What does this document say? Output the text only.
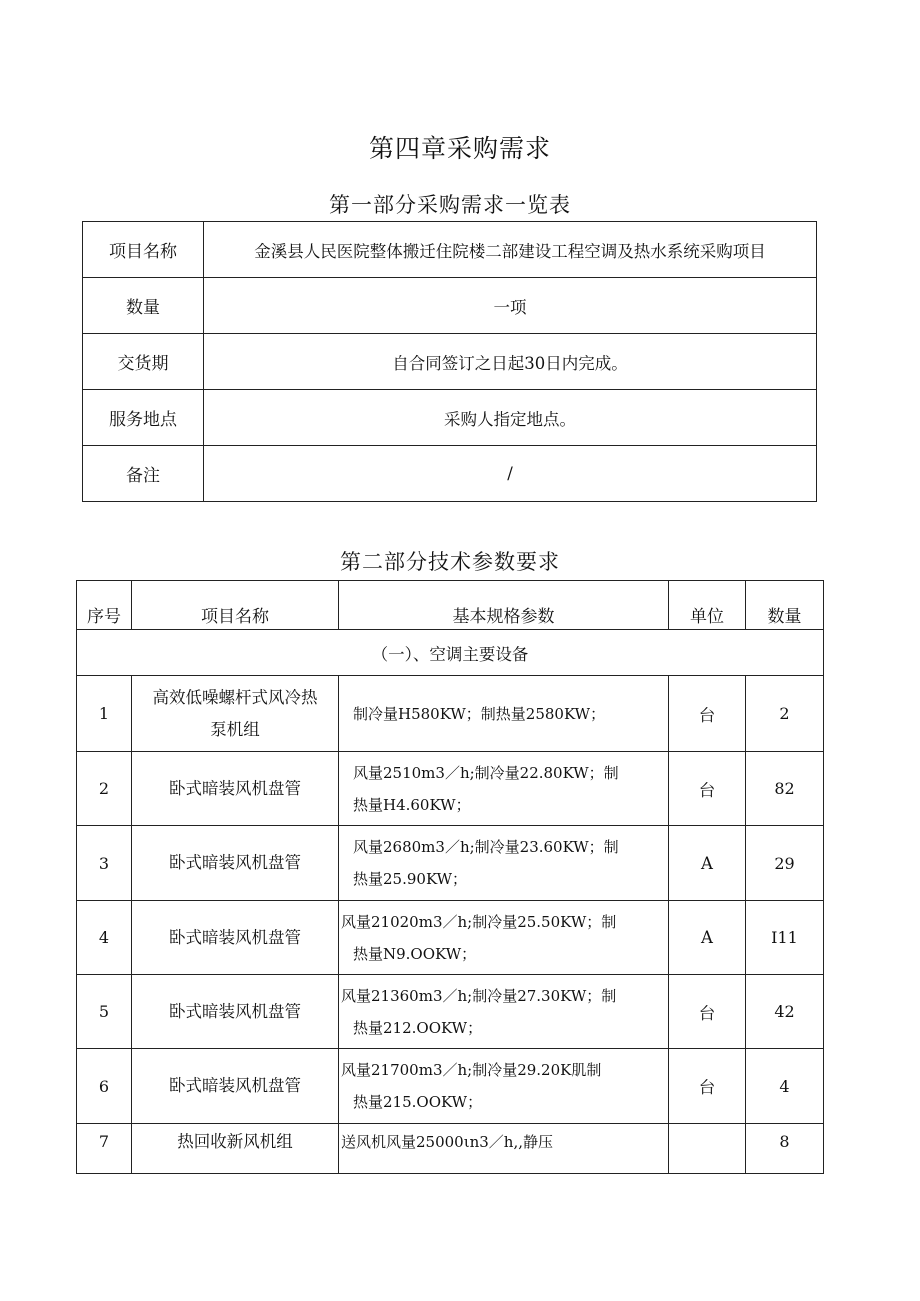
第四章采购需求
第一部分采购需求一览表
项目名称	金溪县人民医院整体搬迁住院楼二部建设工程空调及热水系统采购项目
数量	一项
交货期	自合同签订之日起30日内完成。
服务地点	采购人指定地点。
备注	/
第二部分技术参数要求
序号	项目名称	基本规格参数	单位	数量
（一）、空调主要设备				
1	高效低噪螺杆式风冷热
泵机组	制冷量H580KW；制热量2580KW；	台	2
2	卧式暗装风机盘管	风量2510m3／h;制冷量22.80KW；制
热量H4.60KW；	台	82
3	卧式暗装风机盘管	风量2680m3／h;制冷量23.60KW；制
热量25.90KW；	A	29
4	卧式暗装风机盘管	风量21020m3／h;制冷量25.50KW；制
热量N9.OOKW；	A	I11
5	卧式暗装风机盘管	风量21360m3／h;制冷量27.30KW；制
热量212.OOKW；	台	42
6	卧式暗装风机盘管	风量21700m3／h;制冷量29.20K肌制
热量215.OOKW；	台	4
7	热回收新风机组	送风机风量25000ιn3／h,,静压		8
